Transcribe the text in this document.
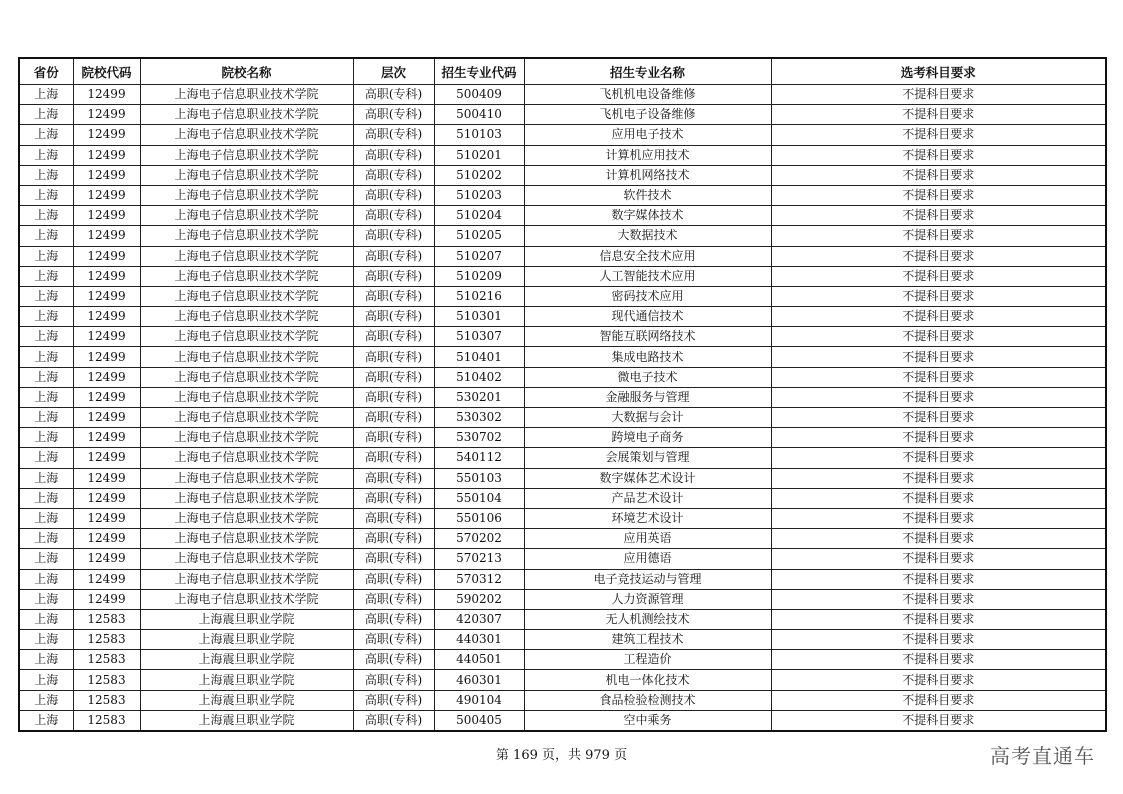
省份	院校代码	院校名称	层次	招生专业代码	招生专业名称	选考科目要求
上海	12499	上海电子信息职业技术学院	高职(专科)	500409	飞机机电设备维修	不提科目要求
上海	12499	上海电子信息职业技术学院	高职(专科)	500410	飞机电子设备维修	不提科目要求
上海	12499	上海电子信息职业技术学院	高职(专科)	510103	应用电子技术	不提科目要求
上海	12499	上海电子信息职业技术学院	高职(专科)	510201	计算机应用技术	不提科目要求
上海	12499	上海电子信息职业技术学院	高职(专科)	510202	计算机网络技术	不提科目要求
上海	12499	上海电子信息职业技术学院	高职(专科)	510203	软件技术	不提科目要求
上海	12499	上海电子信息职业技术学院	高职(专科)	510204	数字媒体技术	不提科目要求
上海	12499	上海电子信息职业技术学院	高职(专科)	510205	大数据技术	不提科目要求
上海	12499	上海电子信息职业技术学院	高职(专科)	510207	信息安全技术应用	不提科目要求
上海	12499	上海电子信息职业技术学院	高职(专科)	510209	人工智能技术应用	不提科目要求
上海	12499	上海电子信息职业技术学院	高职(专科)	510216	密码技术应用	不提科目要求
上海	12499	上海电子信息职业技术学院	高职(专科)	510301	现代通信技术	不提科目要求
上海	12499	上海电子信息职业技术学院	高职(专科)	510307	智能互联网络技术	不提科目要求
上海	12499	上海电子信息职业技术学院	高职(专科)	510401	集成电路技术	不提科目要求
上海	12499	上海电子信息职业技术学院	高职(专科)	510402	微电子技术	不提科目要求
上海	12499	上海电子信息职业技术学院	高职(专科)	530201	金融服务与管理	不提科目要求
上海	12499	上海电子信息职业技术学院	高职(专科)	530302	大数据与会计	不提科目要求
上海	12499	上海电子信息职业技术学院	高职(专科)	530702	跨境电子商务	不提科目要求
上海	12499	上海电子信息职业技术学院	高职(专科)	540112	会展策划与管理	不提科目要求
上海	12499	上海电子信息职业技术学院	高职(专科)	550103	数字媒体艺术设计	不提科目要求
上海	12499	上海电子信息职业技术学院	高职(专科)	550104	产品艺术设计	不提科目要求
上海	12499	上海电子信息职业技术学院	高职(专科)	550106	环境艺术设计	不提科目要求
上海	12499	上海电子信息职业技术学院	高职(专科)	570202	应用英语	不提科目要求
上海	12499	上海电子信息职业技术学院	高职(专科)	570213	应用德语	不提科目要求
上海	12499	上海电子信息职业技术学院	高职(专科)	570312	电子竞技运动与管理	不提科目要求
上海	12499	上海电子信息职业技术学院	高职(专科)	590202	人力资源管理	不提科目要求
上海	12583	上海震旦职业学院	高职(专科)	420307	无人机测绘技术	不提科目要求
上海	12583	上海震旦职业学院	高职(专科)	440301	建筑工程技术	不提科目要求
上海	12583	上海震旦职业学院	高职(专科)	440501	工程造价	不提科目要求
上海	12583	上海震旦职业学院	高职(专科)	460301	机电一体化技术	不提科目要求
上海	12583	上海震旦职业学院	高职(专科)	490104	食品检验检测技术	不提科目要求
上海	12583	上海震旦职业学院	高职(专科)	500405	空中乘务	不提科目要求
第 169 页，共 979 页	高考直通车
